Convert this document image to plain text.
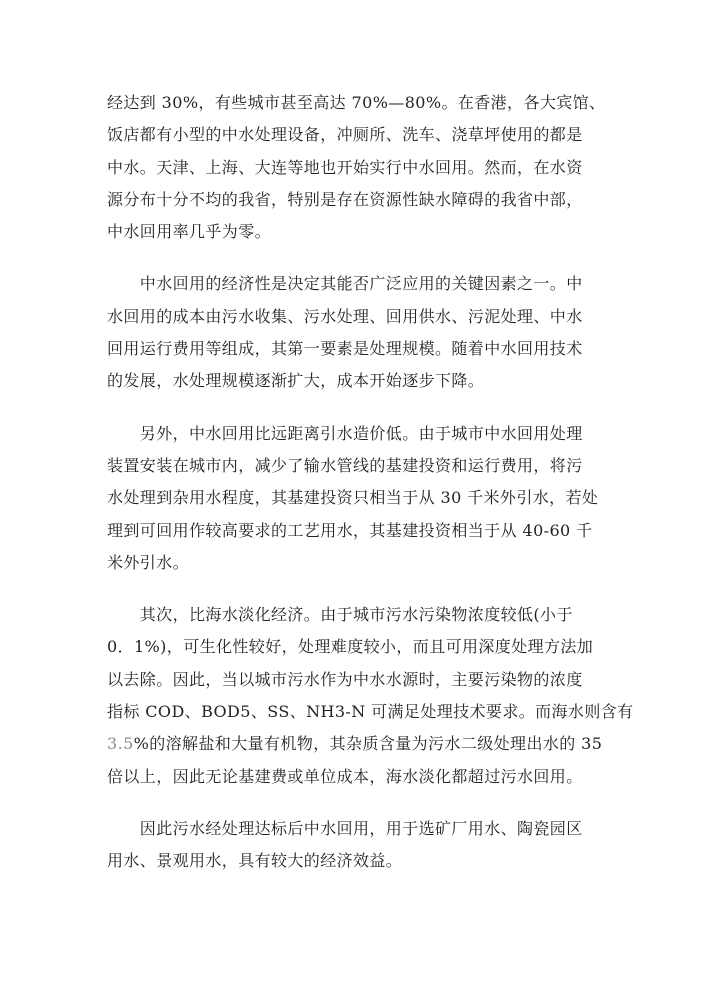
经达到 30%，有些城市甚至高达 70%—80%。在香港，各大宾馆、
饭店都有小型的中水处理设备，冲厕所、洗车、浇草坪使用的都是
中水。天津、上海、大连等地也开始实行中水回用。然而，在水资
源分布十分不均的我省，特别是存在资源性缺水障碍的我省中部，
中水回用率几乎为零。
　　中水回用的经济性是决定其能否广泛应用的关键因素之一。中
水回用的成本由污水收集、污水处理、回用供水、污泥处理、中水
回用运行费用等组成，其第一要素是处理规模。随着中水回用技术
的发展，水处理规模逐渐扩大，成本开始逐步下降。
　　另外，中水回用比远距离引水造价低。由于城市中水回用处理
装置安装在城市内，减少了输水管线的基建投资和运行费用，将污
水处理到杂用水程度，其基建投资只相当于从 30 千米外引水，若处
理到可回用作较高要求的工艺用水，其基建投资相当于从 40-60 千
米外引水。
　　其次，比海水淡化经济。由于城市污水污染物浓度较低(小于
0．1%)，可生化性较好，处理难度较小，而且可用深度处理方法加
以去除。因此，当以城市污水作为中水水源时，主要污染物的浓度
指标 COD、BOD5、SS、NH3-N 可满足处理技术要求。而海水则含有
3.5%的溶解盐和大量有机物，其杂质含量为污水二级处理出水的 35
倍以上，因此无论基建费或单位成本，海水淡化都超过污水回用。
　　因此污水经处理达标后中水回用，用于选矿厂用水、陶瓷园区
用水、景观用水，具有较大的经济效益。
